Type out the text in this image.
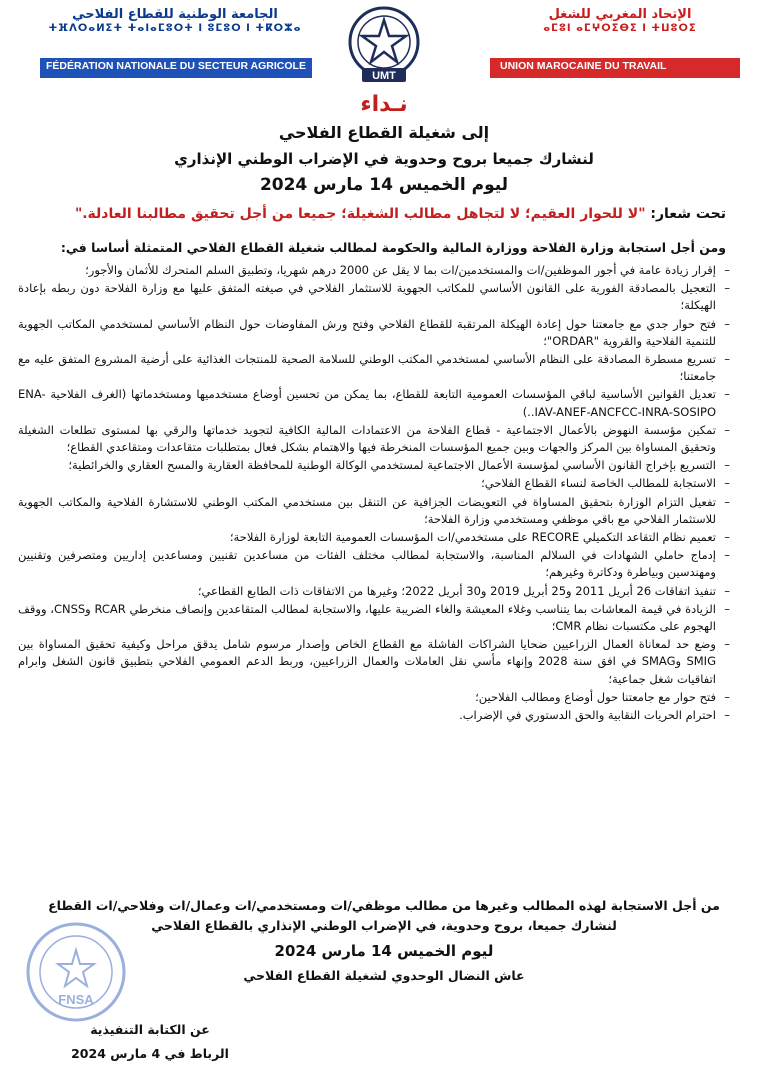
الجامعة الوطنية للقطاع الفلاحي
ⵜⴼⴷⵔⴰⵍⵉⵜ ⵜⴰⵏⴰⵎⵓⵔⵜ ⵏ ⵓⵎⵓⵔ ⵏ ⵜⴽⵔⵣⴰ
FÉDÉRATION NATIONALE DU SECTEUR AGRICOLE
الإتحاد المغربي للشغل
ⴰⵎⵓⵏ ⴰⵎⵖⵔⵉⴱⵉ ⵏ ⵜⵡⵓⵔⵉ
UNION MAROCAINE DU TRAVAIL
UMT
نـداء
إلى شغيلة القطاع الفلاحي
لنشارك جميعا بروح وحدوية في الإضراب الوطني الإنذاري
ليوم الخميس 14 مارس 2024
تحت شعار: "لا للحوار العقيم؛ لا لتجاهل مطالب الشغيلة؛ جميعا من أجل تحقيق مطالبنا العادلة."
ومن أجل استجابة وزارة الفلاحة ووزارة المالية والحكومة لمطالب شغيلة القطاع الفلاحي المتمثلة أساسا في:
–
إقرار زيادة عامة في أجور الموظفين/ات والمستخدمين/ات بما لا يقل عن 2000 درهم شهريا، وتطبيق السلم المتحرك للأثمان والأجور؛
–
التعجيل بالمصادقة الفورية على القانون الأساسي للمكاتب الجهوية للاستثمار الفلاحي في صيغته المتفق عليها مع وزارة الفلاحة دون ربطه بإعادة الهيكلة؛
–
فتح حوار جدي مع جامعتنا حول إعادة الهيكلة المرتقبة للقطاع الفلاحي وفتح ورش المفاوضات حول النظام الأساسي لمستخدمي المكاتب الجهوية للتنمية الفلاحية والقروية "ORDAR"؛
–
تسريع مسطرة المصادقة على النظام الأساسي لمستخدمي المكتب الوطني للسلامة الصحية للمنتجات الغذائية على أرضية المشروع المتفق عليه مع جامعتنا؛
–
تعديل القوانين الأساسية لباقي المؤسسات العمومية التابعة للقطاع، بما يمكن من تحسين أوضاع مستخدميها ومستخدماتها (الغرف الفلاحية ENA-IAV-ANEF-ANCFCC-INRA-SOSIPO..)
–
تمكين مؤسسة النهوض بالأعمال الاجتماعية - قطاع الفلاحة من الاعتمادات المالية الكافية لتجويد خدماتها والرقي بها لمستوى تطلعات الشغيلة وتحقيق المساواة بين المركز والجهات وبين جميع المؤسسات المنخرطة فيها والاهتمام بشكل فعال بمتطلبات متقاعدات ومتقاعدي القطاع؛
–
التسريع بإخراج القانون الأساسي لمؤسسة الأعمال الاجتماعية لمستخدمي الوكالة الوطنية للمحافظة العقارية والمسح العقاري والخرائطية؛
–
الاستجابة للمطالب الخاصة لنساء القطاع الفلاحي؛
–
تفعيل التزام الوزارة بتحقيق المساواة في التعويضات الجزافية عن التنقل بين مستخدمي المكتب الوطني للاستشارة الفلاحية والمكاتب الجهوية للاستثمار الفلاحي مع باقي موظفي ومستخدمي وزارة الفلاحة؛
–
تعميم نظام التقاعد التكميلي RECORE على مستخدمي/ات المؤسسات العمومية التابعة لوزارة الفلاحة؛
–
إدماج حاملي الشهادات في السلالم المناسبة، والاستجابة لمطالب مختلف الفئات من مساعدين تقنيين ومساعدين إداريين ومتصرفين وتقنيين ومهندسين وبياطرة ودكاترة وغيرهم؛
–
تنفيذ اتفاقات 26 أبريل 2011 و25 أبريل 2019 و30 أبريل 2022؛ وغيرها من الاتفاقات ذات الطابع القطاعي؛
–
الزيادة في قيمة المعاشات بما يتناسب وغلاء المعيشة والغاء الضريبة عليها، والاستجابة لمطالب المتقاعدين وإنصاف منخرطي RCAR وCNSS، ووقف الهجوم على مكتسبات نظام CMR؛
–
وضع حد لمعاناة العمال الزراعيين ضحايا الشراكات الفاشلة مع القطاع الخاص وإصدار مرسوم شامل يدقق مراحل وكيفية تحقيق المساواة بين SMIG وSMAG في افق سنة 2028 وإنهاء مأسي نقل العاملات والعمال الزراعيين، وربط الدعم العمومي الفلاحي بتطبيق قانون الشغل وابرام اتفاقيات شغل جماعية؛
–
فتح حوار مع جامعتنا حول أوضاع ومطالب الفلاحين؛
–
احترام الحريات النقابية والحق الدستوري في الإضراب.
من أجل الاستجابة لهذه المطالب وغيرها من مطالب موظفي/ات ومستخدمي/ات وعمال/ات وفلاحي/ات القطاع
لنشارك جميعا، بروح وحدوية، في الإضراب الوطني الإنذاري بالقطاع الفلاحي
ليوم الخميس 14 مارس 2024
عاش النضال الوحدوي لشغيلة القطاع الفلاحي
FNSA
عن الكتابة التنفيذية
الرباط في 4 مارس 2024
